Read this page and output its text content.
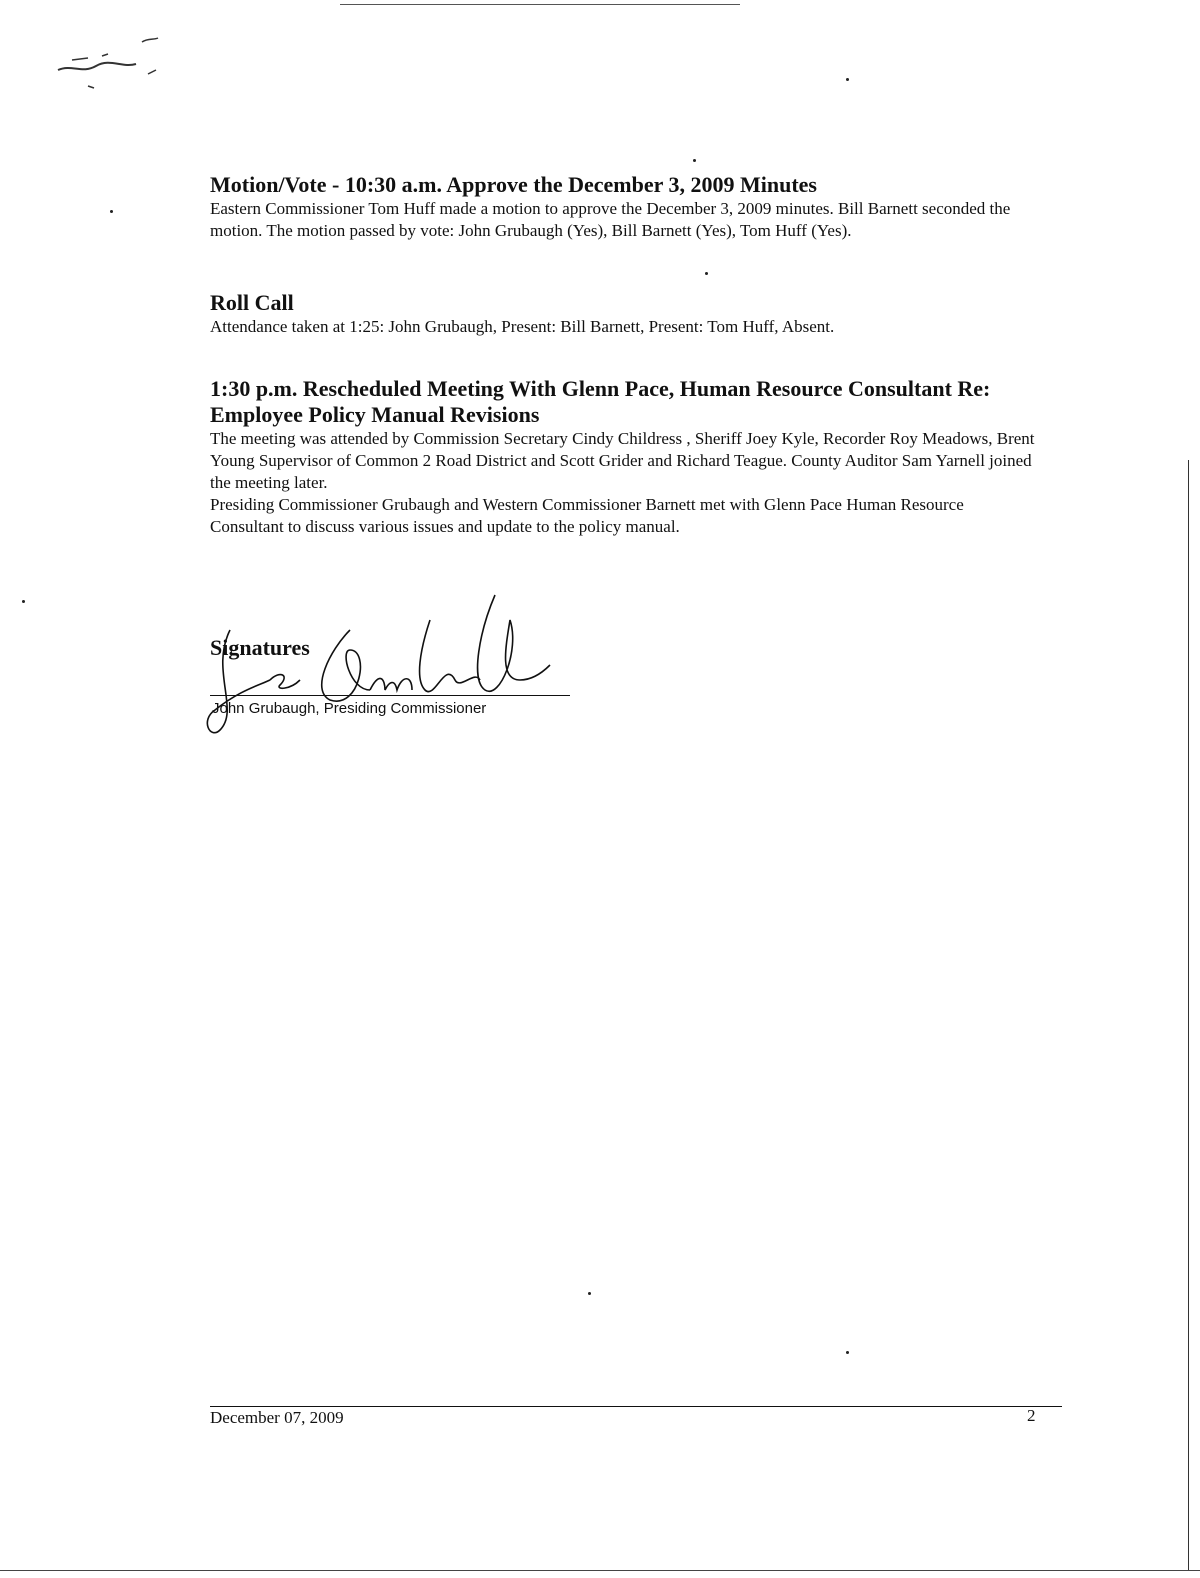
Motion/Vote - 10:30 a.m. Approve the December 3, 2009 Minutes

Eastern Commissioner Tom Huff made a motion to approve the December 3, 2009 minutes. Bill Barnett seconded the motion. The motion passed by vote: John Grubaugh (Yes), Bill Barnett (Yes), Tom Huff (Yes).

Roll Call

Attendance taken at 1:25: John Grubaugh, Present: Bill Barnett, Present: Tom Huff, Absent.

1:30 p.m. Rescheduled Meeting With Glenn Pace, Human Resource Consultant Re: Employee Policy Manual Revisions

The meeting was attended by Commission Secretary Cindy Childress , Sheriff Joey Kyle, Recorder Roy Meadows, Brent Young Supervisor of Common 2 Road District and Scott Grider and Richard Teague. County Auditor Sam Yarnell joined the meeting later.

Presiding Commissioner Grubaugh and Western Commissioner Barnett met with Glenn Pace Human Resource Consultant to discuss various issues and update to the policy manual.

Signatures

John Grubaugh, Presiding Commissioner
December 07, 2009	2
